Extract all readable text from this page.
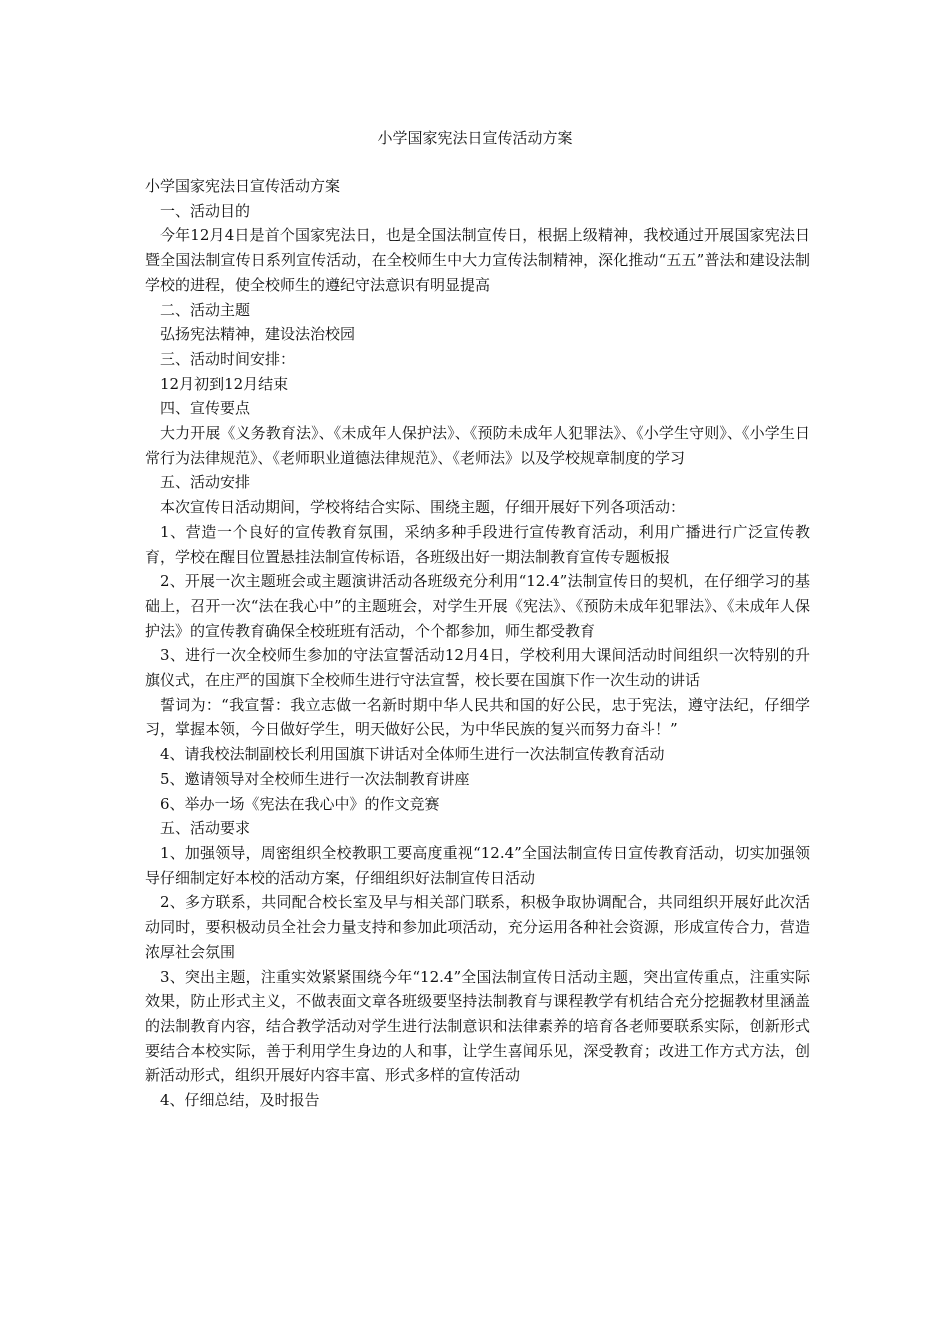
小学国家宪法日宣传活动方案

小学国家宪法日宣传活动方案

一、活动目的

今年12月4日是首个国家宪法日，也是全国法制宣传日，根据上级精神，我校通过开展国家宪法日暨全国法制宣传日系列宣传活动，在全校师生中大力宣传法制精神，深化推动“五五”普法和建设法制学校的进程，使全校师生的遵纪守法意识有明显提高

二、活动主题

弘扬宪法精神，建设法治校园

三、活动时间安排：

12月初到12月结束

四、宣传要点

大力开展《义务教育法》、《未成年人保护法》、《预防未成年人犯罪法》、《小学生守则》、《小学生日常行为法律规范》、《老师职业道德法律规范》、《老师法》以及学校规章制度的学习

五、活动安排

本次宣传日活动期间，学校将结合实际、围绕主题，仔细开展好下列各项活动：

1、营造一个良好的宣传教育氛围，采纳多种手段进行宣传教育活动，利用广播进行广泛宣传教育，学校在醒目位置悬挂法制宣传标语，各班级出好一期法制教育宣传专题板报

2、开展一次主题班会或主题演讲活动各班级充分利用“12.4”法制宣传日的契机，在仔细学习的基础上，召开一次“法在我心中”的主题班会，对学生开展《宪法》、《预防未成年犯罪法》、《未成年人保护法》的宣传教育确保全校班班有活动，个个都参加，师生都受教育

3、进行一次全校师生参加的守法宣誓活动12月4日，学校利用大课间活动时间组织一次特别的升旗仪式，在庄严的国旗下全校师生进行守法宣誓，校长要在国旗下作一次生动的讲话

誓词为：“我宣誓：我立志做一名新时期中华人民共和国的好公民，忠于宪法，遵守法纪，仔细学习，掌握本领，今日做好学生，明天做好公民，为中华民族的复兴而努力奋斗！”

4、请我校法制副校长利用国旗下讲话对全体师生进行一次法制宣传教育活动

5、邀请领导对全校师生进行一次法制教育讲座

6、举办一场《宪法在我心中》的作文竞赛

五、活动要求

1、加强领导，周密组织全校教职工要高度重视“12.4”全国法制宣传日宣传教育活动，切实加强领导仔细制定好本校的活动方案，仔细组织好法制宣传日活动

2、多方联系，共同配合校长室及早与相关部门联系，积极争取协调配合，共同组织开展好此次活动同时，要积极动员全社会力量支持和参加此项活动，充分运用各种社会资源，形成宣传合力，营造浓厚社会氛围

3、突出主题，注重实效紧紧围绕今年“12.4”全国法制宣传日活动主题，突出宣传重点，注重实际效果，防止形式主义，不做表面文章各班级要坚持法制教育与课程教学有机结合充分挖掘教材里涵盖的法制教育内容，结合教学活动对学生进行法制意识和法律素养的培育各老师要联系实际，创新形式要结合本校实际，善于利用学生身边的人和事，让学生喜闻乐见，深受教育；改进工作方式方法，创新活动形式，组织开展好内容丰富、形式多样的宣传活动

4、仔细总结，及时报告
